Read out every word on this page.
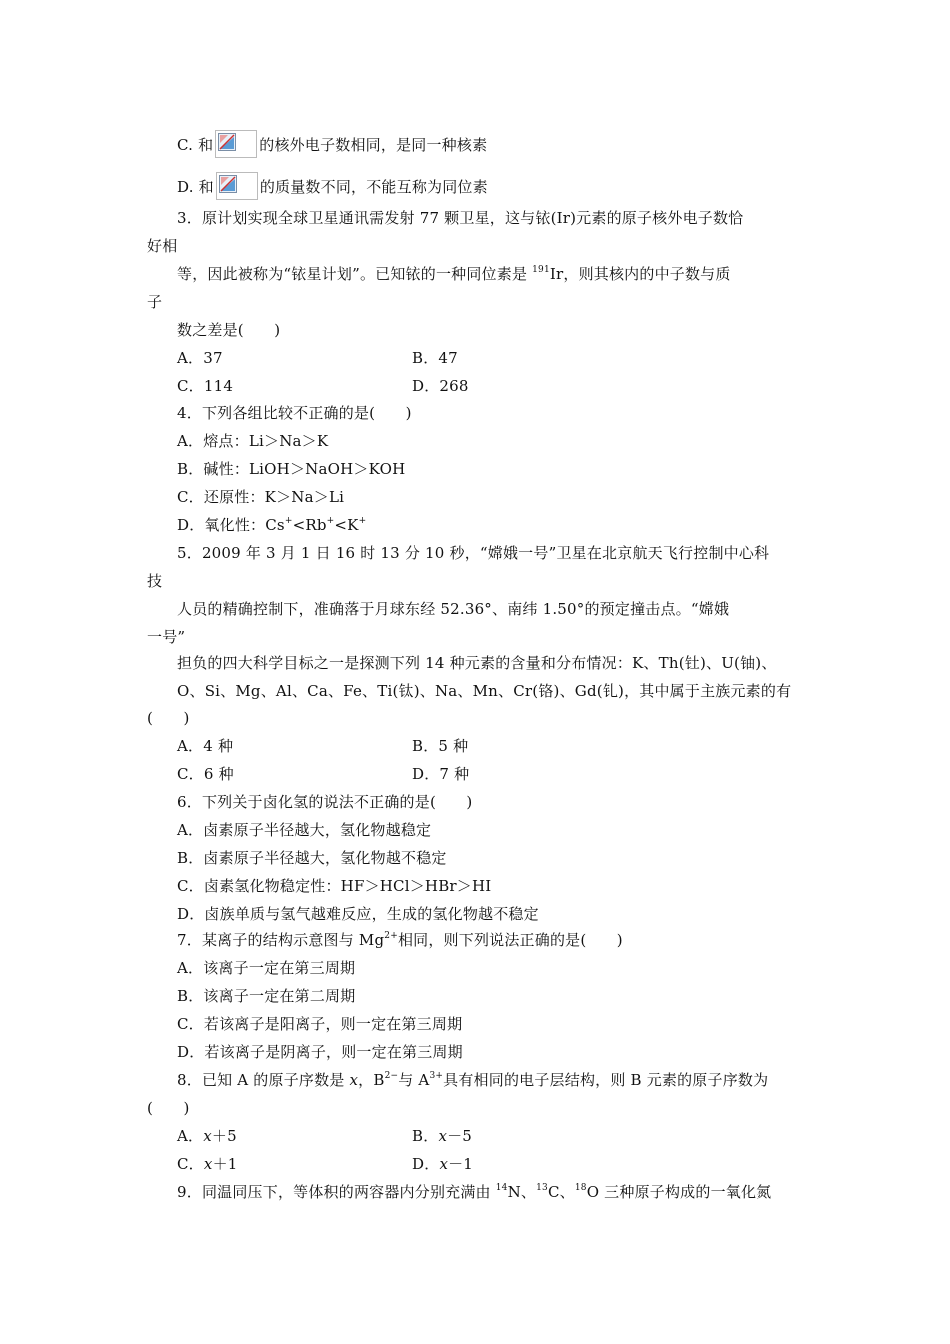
C. 和	的核外电子数相同，是同一种核素
D. 和	的质量数不同，不能互称为同位素
3．原计划实现全球卫星通讯需发射 77 颗卫星，这与铱(Ir)元素的原子核外电子数恰
好相
等，因此被称为“铱星计划”。已知铱的一种同位素是 $^{191}$Ir，则其核内的中子数与质
子
数之差是(　　)
A．37	B．47
C．114	D．268
4．下列各组比较不正确的是(　　)
A．熔点：Li＞Na＞K
B．碱性：LiOH＞NaOH＞KOH
C．还原性：K＞Na＞Li
D．氧化性：Cs+<Rb+<K+
5．2009 年 3 月 1 日 16 时 13 分 10 秒，“嫦娥一号”卫星在北京航天飞行控制中心科
技
人员的精确控制下，准确落于月球东经 52.36°、南纬 1.50°的预定撞击点。“嫦娥
一号”
担负的四大科学目标之一是探测下列 14 种元素的含量和分布情况：K、Th(钍)、U(铀)、
O、Si、Mg、Al、Ca、Fe、Ti(钛)、Na、Mn、Cr(铬)、Gd(钆)，其中属于主族元素的有
(　　)
A．4 种	B．5 种
C．6 种	D．7 种
6．下列关于卤化氢的说法不正确的是(　　)
A．卤素原子半径越大，氢化物越稳定
B．卤素原子半径越大，氢化物越不稳定
C．卤素氢化物稳定性：HF＞HCl＞HBr＞HI
D．卤族单质与氢气越难反应，生成的氢化物越不稳定
7．某离子的结构示意图与 $Mg^{2+}$相同，则下列说法正确的是(　　)
A．该离子一定在第三周期
B．该离子一定在第二周期
C．若该离子是阳离子，则一定在第三周期
D．若该离子是阴离子，则一定在第三周期
8．已知 A 的原子序数是 x，$B^{2-}$与 $A^{3+}$具有相同的电子层结构，则 B 元素的原子序数为
(　　)
A．x＋5	B．x－5
C．x＋1	D．x－1
9．同温同压下，等体积的两容器内分别充满由 $^{14}$N、$^{13}$C、$^{18}$O 三种原子构成的一氧化氮
